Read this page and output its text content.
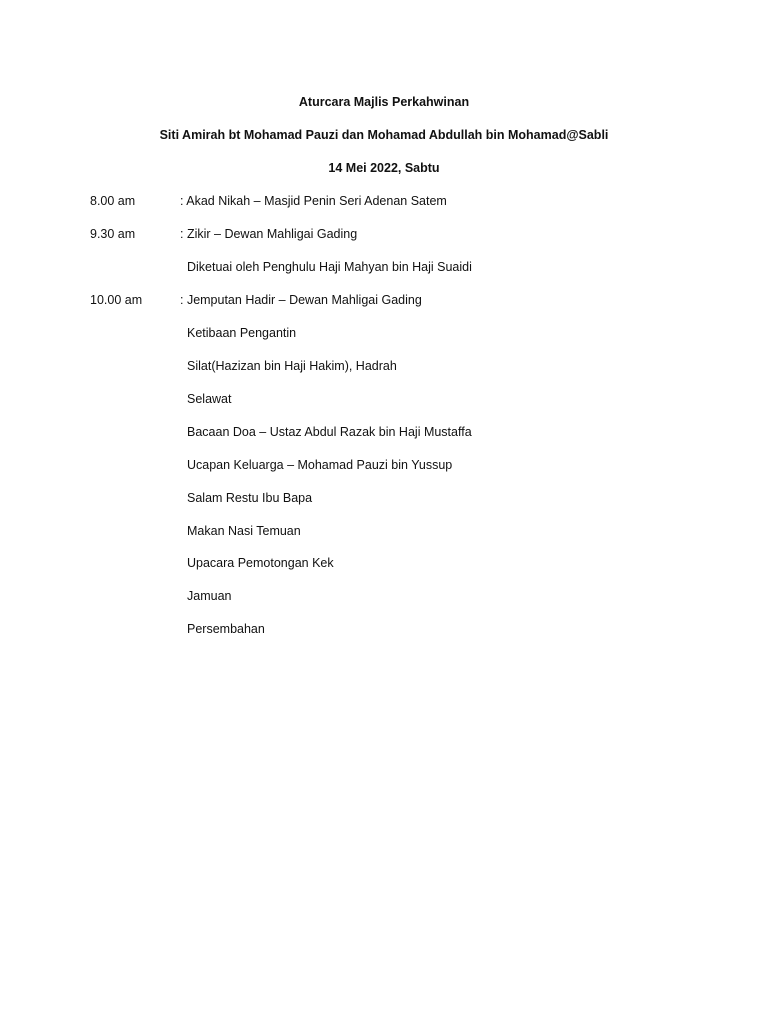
Aturcara Majlis Perkahwinan
Siti Amirah bt Mohamad Pauzi dan Mohamad Abdullah bin Mohamad@Sabli
14 Mei 2022, Sabtu
8.00 am	: Akad Nikah – Masjid Penin Seri Adenan Satem
9.30 am	: Zikir – Dewan Mahligai Gading
Diketuai oleh Penghulu Haji Mahyan bin Haji Suaidi
10.00 am	: Jemputan Hadir – Dewan Mahligai Gading
Ketibaan Pengantin
Silat(Hazizan bin Haji Hakim), Hadrah
Selawat
Bacaan Doa – Ustaz Abdul Razak bin Haji Mustaffa
Ucapan Keluarga – Mohamad Pauzi bin Yussup
Salam Restu Ibu Bapa
Makan Nasi Temuan
Upacara Pemotongan Kek
Jamuan
Persembahan
